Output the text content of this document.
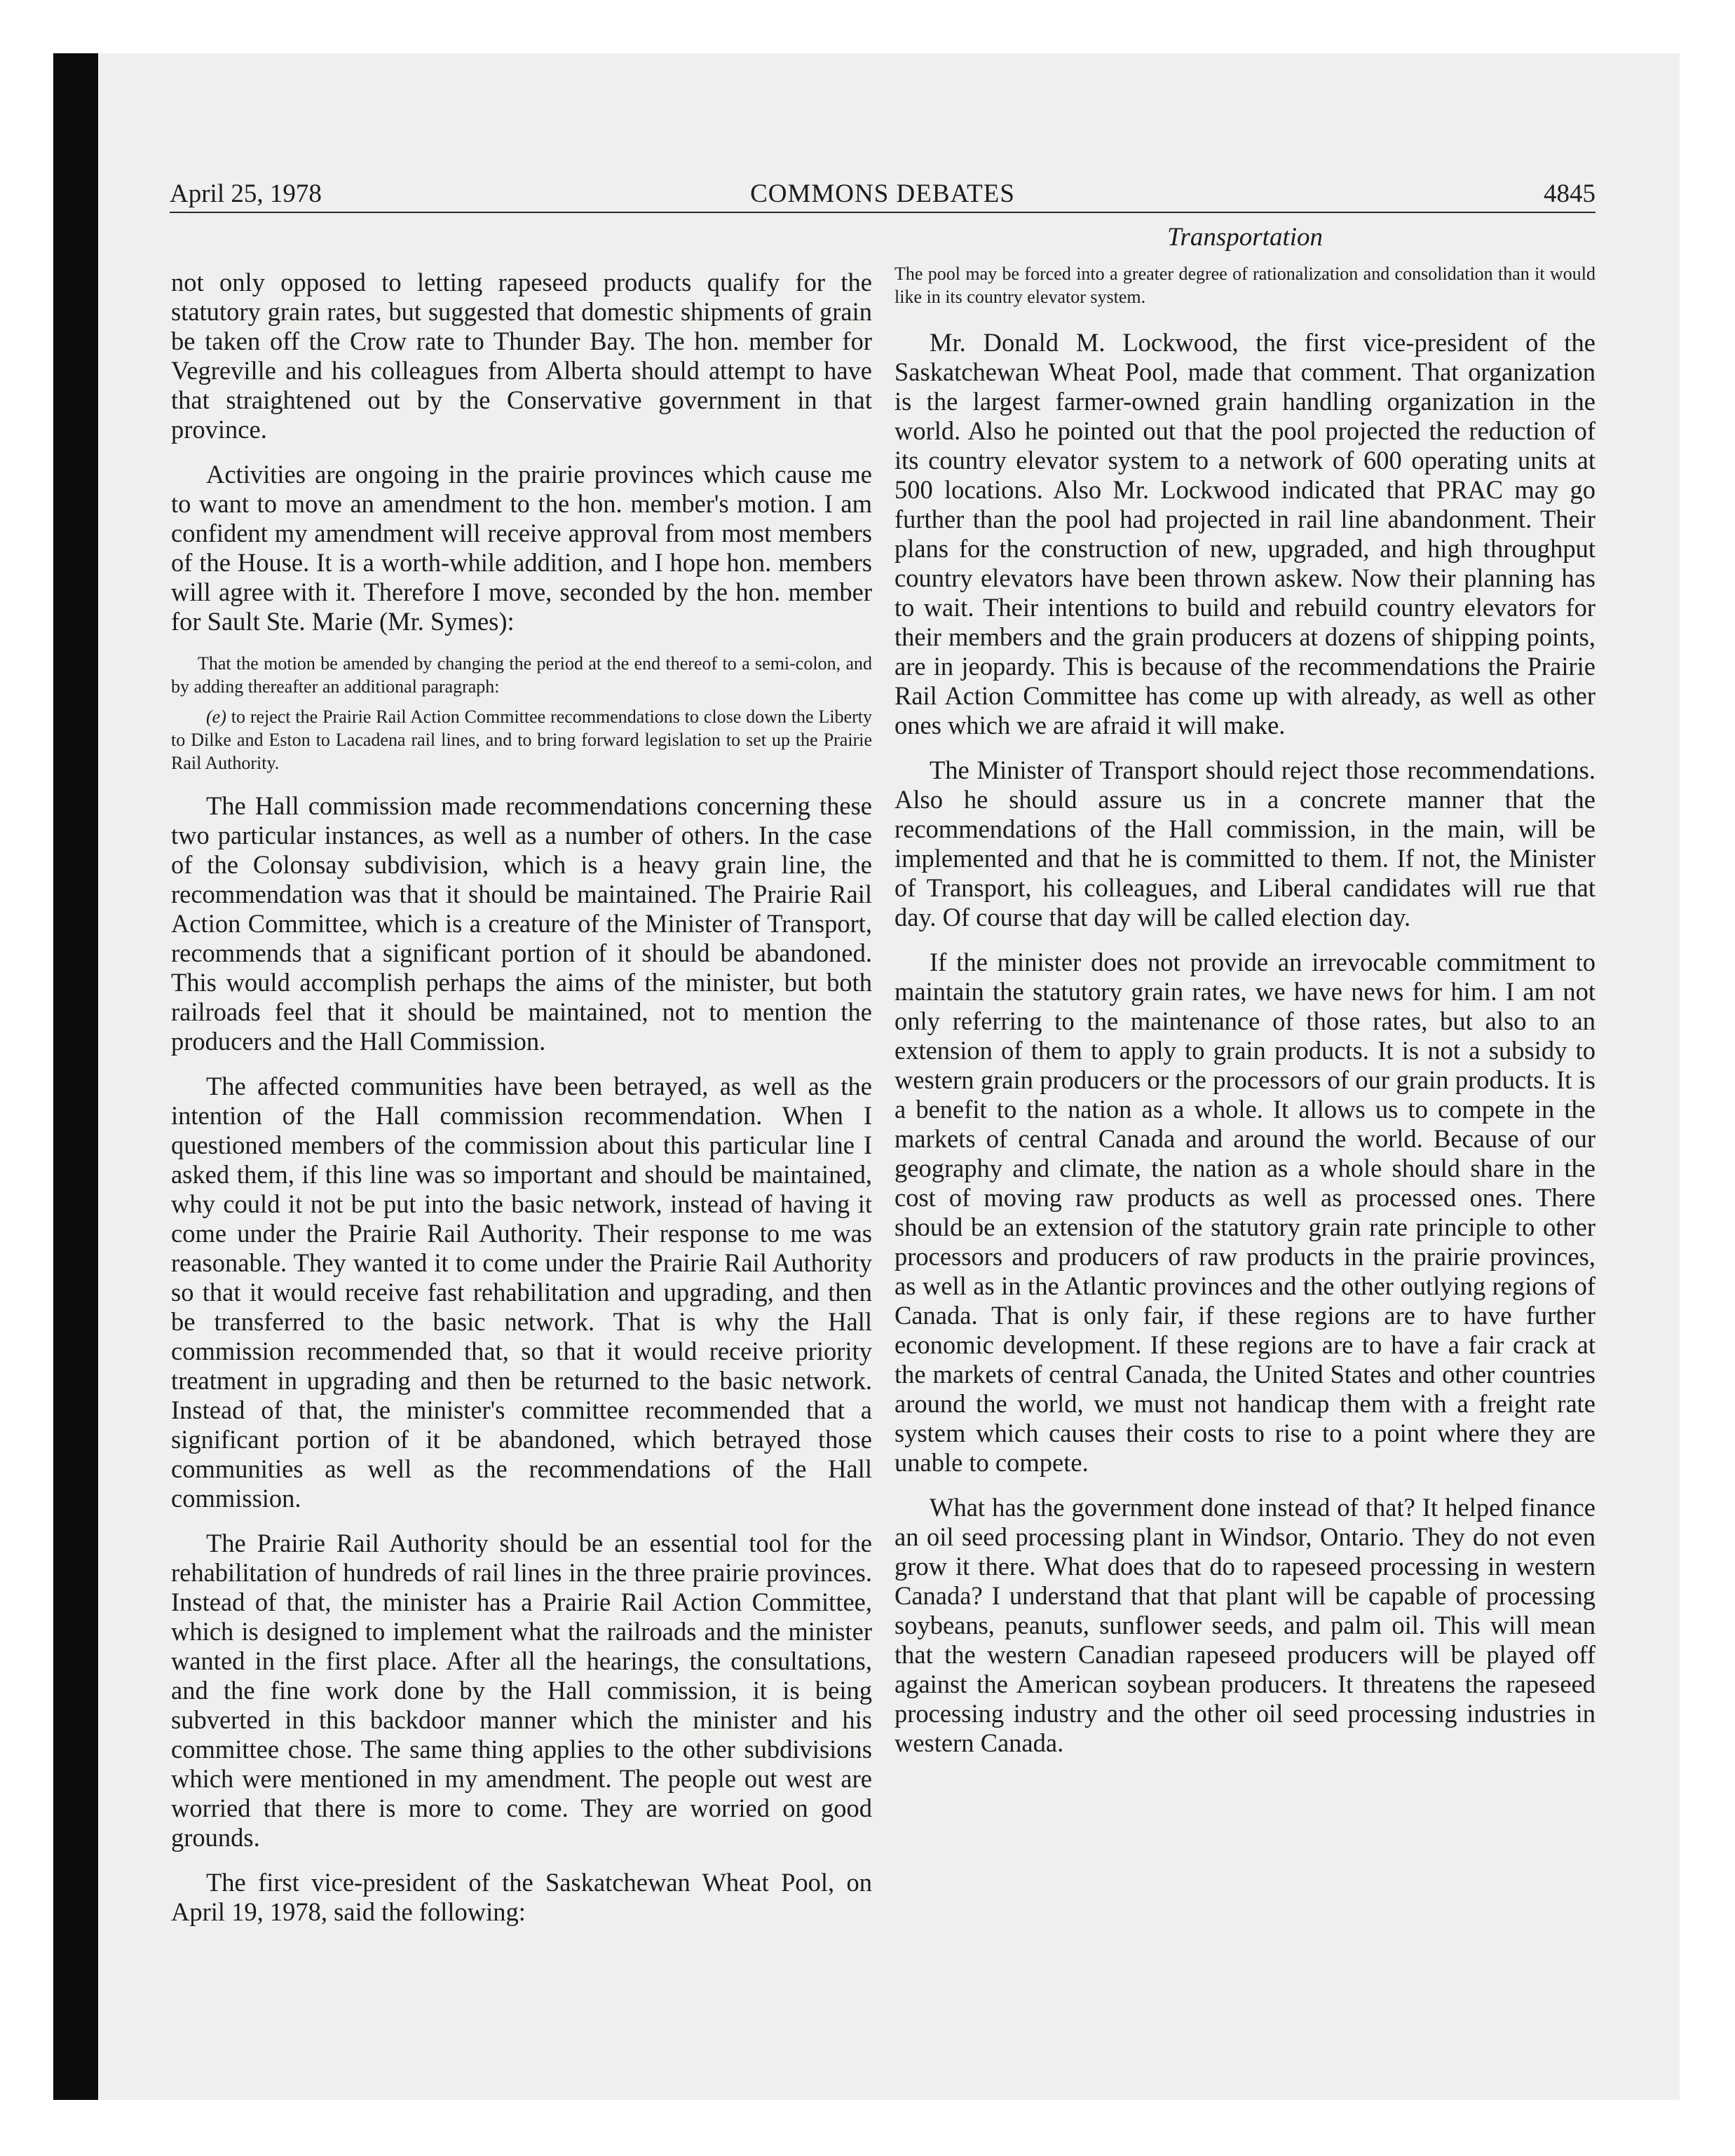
April 25, 1978	COMMONS DEBATES	4845

not only opposed to letting rapeseed products qualify for the statutory grain rates, but suggested that domestic shipments of grain be taken off the Crow rate to Thunder Bay. The hon. member for Vegreville and his colleagues from Alberta should attempt to have that straightened out by the Conservative government in that province.

Activities are ongoing in the prairie provinces which cause me to want to move an amendment to the hon. member's motion. I am confident my amendment will receive approval from most members of the House. It is a worth-while addition, and I hope hon. members will agree with it. Therefore I move, seconded by the hon. member for Sault Ste. Marie (Mr. Symes):

That the motion be amended by changing the period at the end thereof to a semi-colon, and by adding thereafter an additional paragraph:

(e) to reject the Prairie Rail Action Committee recommendations to close down the Liberty to Dilke and Eston to Lacadena rail lines, and to bring forward legislation to set up the Prairie Rail Authority.

The Hall commission made recommendations concerning these two particular instances, as well as a number of others. In the case of the Colonsay subdivision, which is a heavy grain line, the recommendation was that it should be maintained. The Prairie Rail Action Committee, which is a creature of the Minister of Transport, recommends that a significant portion of it should be abandoned. This would accomplish perhaps the aims of the minister, but both railroads feel that it should be maintained, not to mention the producers and the Hall Commission.

The affected communities have been betrayed, as well as the intention of the Hall commission recommendation. When I questioned members of the commission about this particular line I asked them, if this line was so important and should be maintained, why could it not be put into the basic network, instead of having it come under the Prairie Rail Authority. Their response to me was reasonable. They wanted it to come under the Prairie Rail Authority so that it would receive fast rehabilitation and upgrading, and then be transferred to the basic network. That is why the Hall commission recommended that, so that it would receive priority treatment in upgrading and then be returned to the basic network. Instead of that, the minister's committee recommended that a significant portion of it be abandoned, which betrayed those communities as well as the recommendations of the Hall commission.

The Prairie Rail Authority should be an essential tool for the rehabilitation of hundreds of rail lines in the three prairie provinces. Instead of that, the minister has a Prairie Rail Action Committee, which is designed to implement what the railroads and the minister wanted in the first place. After all the hearings, the consultations, and the fine work done by the Hall commission, it is being subverted in this backdoor manner which the minister and his committee chose. The same thing applies to the other subdivisions which were mentioned in my amendment. The people out west are worried that there is more to come. They are worried on good grounds.

The first vice-president of the Saskatchewan Wheat Pool, on April 19, 1978, said the following:

Transportation

The pool may be forced into a greater degree of rationalization and consolidation than it would like in its country elevator system.

Mr. Donald M. Lockwood, the first vice-president of the Saskatchewan Wheat Pool, made that comment. That organization is the largest farmer-owned grain handling organization in the world. Also he pointed out that the pool projected the reduction of its country elevator system to a network of 600 operating units at 500 locations. Also Mr. Lockwood indicated that PRAC may go further than the pool had projected in rail line abandonment. Their plans for the construction of new, upgraded, and high throughput country elevators have been thrown askew. Now their planning has to wait. Their intentions to build and rebuild country elevators for their members and the grain producers at dozens of shipping points, are in jeopardy. This is because of the recommendations the Prairie Rail Action Committee has come up with already, as well as other ones which we are afraid it will make.

The Minister of Transport should reject those recommendations. Also he should assure us in a concrete manner that the recommendations of the Hall commission, in the main, will be implemented and that he is committed to them. If not, the Minister of Transport, his colleagues, and Liberal candidates will rue that day. Of course that day will be called election day.

If the minister does not provide an irrevocable commitment to maintain the statutory grain rates, we have news for him. I am not only referring to the maintenance of those rates, but also to an extension of them to apply to grain products. It is not a subsidy to western grain producers or the processors of our grain products. It is a benefit to the nation as a whole. It allows us to compete in the markets of central Canada and around the world. Because of our geography and climate, the nation as a whole should share in the cost of moving raw products as well as processed ones. There should be an extension of the statutory grain rate principle to other processors and producers of raw products in the prairie provinces, as well as in the Atlantic provinces and the other outlying regions of Canada. That is only fair, if these regions are to have further economic development. If these regions are to have a fair crack at the markets of central Canada, the United States and other countries around the world, we must not handicap them with a freight rate system which causes their costs to rise to a point where they are unable to compete.

What has the government done instead of that? It helped finance an oil seed processing plant in Windsor, Ontario. They do not even grow it there. What does that do to rapeseed processing in western Canada? I understand that that plant will be capable of processing soybeans, peanuts, sunflower seeds, and palm oil. This will mean that the western Canadian rapeseed producers will be played off against the American soybean producers. It threatens the rapeseed processing industry and the other oil seed processing industries in western Canada.
